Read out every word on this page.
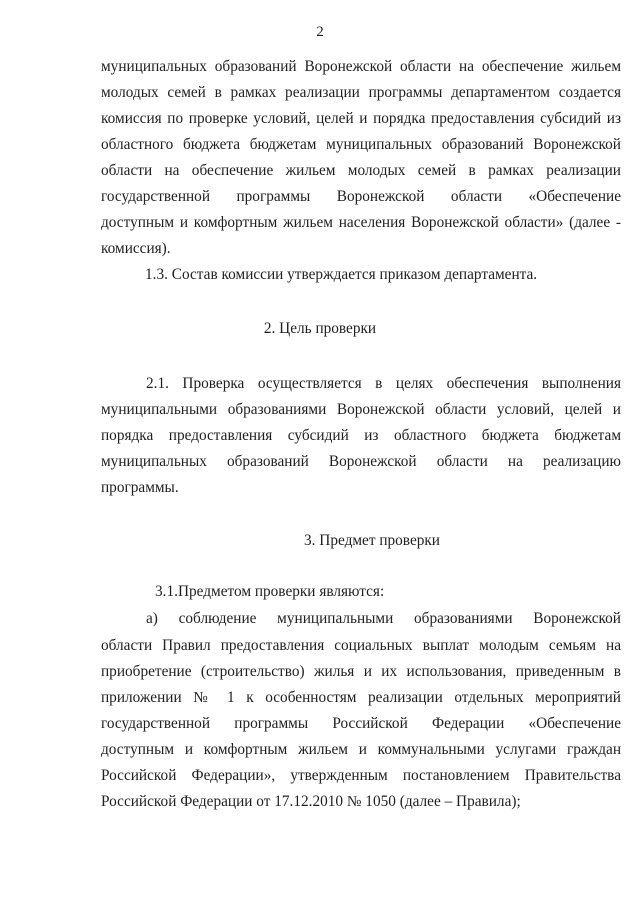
2
муниципальных образований Воронежской области на обеспечение жильем
молодых семей в рамках реализации программы департаментом создается
комиссия по проверке условий, целей и порядка предоставления субсидий из
областного бюджета бюджетам муниципальных образований Воронежской
области на обеспечение жильем молодых семей в рамках реализации
государственной программы Воронежской области «Обеспечение
доступным и комфортным жильем населения Воронежской области» (далее -
комиссия).
1.3. Состав комиссии утверждается приказом департамента.
2. Цель проверки
2.1. Проверка осуществляется в целях обеспечения выполнения
муниципальными образованиями Воронежской области условий, целей и
порядка предоставления субсидий из областного бюджета бюджетам
муниципальных образований Воронежской области на реализацию
программы.
3. Предмет проверки
3.1.Предметом проверки являются:
а) соблюдение муниципальными образованиями Воронежской
области Правил предоставления социальных выплат молодым семьям на
приобретение (строительство) жилья и их использования, приведенным в
приложении № 1 к особенностям реализации отдельных мероприятий
государственной программы Российской Федерации «Обеспечение
доступным и комфортным жильем и коммунальными услугами граждан
Российской Федерации», утвержденным постановлением Правительства
Российской Федерации от 17.12.2010 № 1050 (далее – Правила);
